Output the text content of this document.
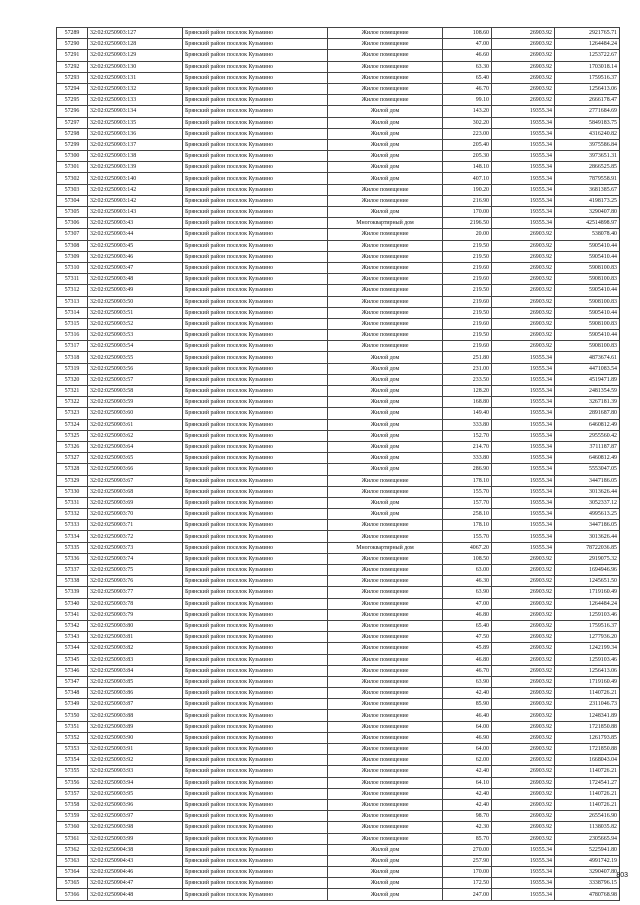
57289	32:02:0250903:127	Брянский район поселок Кузьмино	Жилое помещение	108.60	26903.92	2921765.71
57290	32:02:0250903:128	Брянский район поселок Кузьмино	Жилое помещение	47.00	26903.92	1264484.24
57291	32:02:0250903:129	Брянский район поселок Кузьмино	Жилое помещение	46.60	26903.92	1253722.67
57292	32:02:0250903:130	Брянский район поселок Кузьмино	Жилое помещение	63.30	26903.92	1703018.14
57293	32:02:0250903:131	Брянский район поселок Кузьмино	Жилое помещение	65.40	26903.92	1759516.37
57294	32:02:0250903:132	Брянский район поселок Кузьмино	Жилое помещение	46.70	26903.92	1256413.06
57295	32:02:0250903:133	Брянский район поселок Кузьмино	Жилое помещение	99.10	26903.92	2666178.47
57296	32:02:0250903:134	Брянский район поселок Кузьмино	Жилой дом	143.20	19355.34	2771684.69
57297	32:02:0250903:135	Брянский район поселок Кузьмино	Жилой дом	302.20	19355.34	5849183.75
57298	32:02:0250903:136	Брянский район поселок Кузьмино	Жилой дом	223.00	19355.34	4316240.82
57299	32:02:0250903:137	Брянский район поселок Кузьмино	Жилой дом	205.40	19355.34	3975586.84
57300	32:02:0250903:138	Брянский район поселок Кузьмино	Жилой дом	205.30	19355.34	3973651.31
57301	32:02:0250903:139	Брянский район поселок Кузьмино	Жилой дом	148.10	19355.34	2866525.85
57302	32:02:0250903:140	Брянский район поселок Кузьмино	Жилой дом	407.10	19355.34	7879558.91
57303	32:02:0250903:142	Брянский район поселок Кузьмино	Жилое помещение	190.20	19355.34	3681385.67
57304	32:02:0250903:142	Брянский район поселок Кузьмино	Жилое помещение	216.90	19355.34	4198173.25
57305	32:02:0250903:143	Брянский район поселок Кузьмино	Жилой дом	170.00	19355.34	3290407.80
57306	32:02:0250903:43	Брянский район поселок Кузьмино	Многоквартирный дом	2196.50	19355.34	42514898.97
57307	32:02:0250903:44	Брянский район поселок Кузьмино	Жилое помещение	20.00	26903.92	538078.40
57308	32:02:0250903:45	Брянский район поселок Кузьмино	Жилое помещение	219.50	26903.92	5905410.44
57309	32:02:0250903:46	Брянский район поселок Кузьмино	Жилое помещение	219.50	26903.92	5905410.44
57310	32:02:0250903:47	Брянский район поселок Кузьмино	Жилое помещение	219.60	26903.92	5908100.83
57311	32:02:0250903:48	Брянский район поселок Кузьмино	Жилое помещение	219.60	26903.92	5908100.83
57312	32:02:0250903:49	Брянский район поселок Кузьмино	Жилое помещение	219.50	26903.92	5905410.44
57313	32:02:0250903:50	Брянский район поселок Кузьмино	Жилое помещение	219.60	26903.92	5908100.83
57314	32:02:0250903:51	Брянский район поселок Кузьмино	Жилое помещение	219.50	26903.92	5905410.44
57315	32:02:0250903:52	Брянский район поселок Кузьмино	Жилое помещение	219.60	26903.92	5908100.83
57316	32:02:0250903:53	Брянский район поселок Кузьмино	Жилое помещение	219.50	26903.92	5905410.44
57317	32:02:0250903:54	Брянский район поселок Кузьмино	Жилое помещение	219.60	26903.92	5908100.83
57318	32:02:0250903:55	Брянский район поселок Кузьмино	Жилой дом	251.80	19355.34	4873674.61
57319	32:02:0250903:56	Брянский район поселок Кузьмино	Жилой дом	231.00	19355.34	4471083.54
57320	32:02:0250903:57	Брянский район поселок Кузьмино	Жилой дом	233.50	19355.34	4519471.89
57321	32:02:0250903:58	Брянский район поселок Кузьмино	Жилой дом	128.20	19355.34	2481354.59
57322	32:02:0250903:59	Брянский район поселок Кузьмино	Жилой дом	168.80	19355.34	3267181.39
57323	32:02:0250903:60	Брянский район поселок Кузьмино	Жилой дом	149.40	19355.34	2891687.80
57324	32:02:0250903:61	Брянский район поселок Кузьмино	Жилой дом	333.80	19355.34	6460812.49
57325	32:02:0250903:62	Брянский район поселок Кузьмино	Жилой дом	152.70	19355.34	2955560.42
57326	32:02:0250903:64	Брянский район поселок Кузьмино	Жилой дом	214.70	19355.34	3711187.87
57327	32:02:0250903:65	Брянский район поселок Кузьмино	Жилой дом	333.80	19355.34	6460812.49
57328	32:02:0250903:66	Брянский район поселок Кузьмино	Жилой дом	286.90	19355.34	5553047.05
57329	32:02:0250903:67	Брянский район поселок Кузьмино	Жилое помещение	178.10	19355.34	3447186.05
57330	32:02:0250903:68	Брянский район поселок Кузьмино	Жилое помещение	155.70	19355.34	3013626.44
57331	32:02:0250903:69	Брянский район поселок Кузьмино	Жилой дом	157.70	19355.34	3052337.12
57332	32:02:0250903:70	Брянский район поселок Кузьмино	Жилой дом	258.10	19355.34	4995613.25
57333	32:02:0250903:71	Брянский район поселок Кузьмино	Жилое помещение	178.10	19355.34	3447186.05
57334	32:02:0250903:72	Брянский район поселок Кузьмино	Жилое помещение	155.70	19355.34	3013626.44
57335	32:02:0250903:73	Брянский район поселок Кузьмино	Многоквартирный дом	4067.20	19355.34	78722036.85
57336	32:02:0250903:74	Брянский район поселок Кузьмино	Жилое помещение	108.50	26903.92	2919075.32
57337	32:02:0250903:75	Брянский район поселок Кузьмино	Жилое помещение	63.00	26903.92	1694946.96
57338	32:02:0250903:76	Брянский район поселок Кузьмино	Жилое помещение	46.30	26903.92	1245651.50
57339	32:02:0250903:77	Брянский район поселок Кузьмино	Жилое помещение	63.90	26903.92	1719160.49
57340	32:02:0250903:78	Брянский район поселок Кузьмино	Жилое помещение	47.00	26903.92	1264484.24
57341	32:02:0250903:79	Брянский район поселок Кузьмино	Жилое помещение	46.80	26903.92	1259103.46
57342	32:02:0250903:80	Брянский район поселок Кузьмино	Жилое помещение	65.40	26903.92	1759516.37
57343	32:02:0250903:81	Брянский район поселок Кузьмино	Жилое помещение	47.50	26903.92	1277936.20
57344	32:02:0250903:82	Брянский район поселок Кузьмино	Жилое помещение	45.89	26903.92	1242199.34
57345	32:02:0250903:83	Брянский район поселок Кузьмино	Жилое помещение	46.80	26903.92	1259103.46
57346	32:02:0250903:84	Брянский район поселок Кузьмино	Жилое помещение	46.70	26903.92	1256413.06
57347	32:02:0250903:85	Брянский район поселок Кузьмино	Жилое помещение	63.90	26903.92	1719160.49
57348	32:02:0250903:86	Брянский район поселок Кузьмино	Жилое помещение	42.40	26903.92	1140726.21
57349	32:02:0250903:87	Брянский район поселок Кузьмино	Жилое помещение	85.90	26903.92	2311046.73
57350	32:02:0250903:88	Брянский район поселок Кузьмино	Жилое помещение	46.40	26903.92	1248341.89
57351	32:02:0250903:89	Брянский район поселок Кузьмино	Жилое помещение	64.00	26903.92	1721850.88
57352	32:02:0250903:90	Брянский район поселок Кузьмино	Жилое помещение	46.90	26903.92	1261793.85
57353	32:02:0250903:91	Брянский район поселок Кузьмино	Жилое помещение	64.00	26903.92	1721850.88
57354	32:02:0250903:92	Брянский район поселок Кузьмино	Жилое помещение	62.00	26903.92	1668043.04
57355	32:02:0250903:93	Брянский район поселок Кузьмино	Жилое помещение	42.40	26903.92	1140726.21
57356	32:02:0250903:94	Брянский район поселок Кузьмино	Жилое помещение	64.10	26903.92	1724541.27
57357	32:02:0250903:95	Брянский район поселок Кузьмино	Жилое помещение	42.40	26903.92	1140726.21
57358	32:02:0250903:96	Брянский район поселок Кузьмино	Жилое помещение	42.40	26903.92	1140726.21
57359	32:02:0250903:97	Брянский район поселок Кузьмино	Жилое помещение	98.70	26903.92	2655416.90
57360	32:02:0250903:98	Брянский район поселок Кузьмино	Жилое помещение	42.30	26903.92	1138035.82
57361	32:02:0250903:99	Брянский район поселок Кузьмино	Жилое помещение	85.70	26903.92	2305665.94
57362	32:02:0250904:38	Брянский район поселок Кузьмино	Жилой дом	270.00	19355.34	5225941.80
57363	32:02:0250904:43	Брянский район поселок Кузьмино	Жилой дом	257.90	19355.34	4991742.19
57364	32:02:0250904:46	Брянский район поселок Кузьмино	Жилой дом	170.00	19355.34	3290407.80
57365	32:02:0250904:47	Брянский район поселок Кузьмино	Жилой дом	172.50	19355.34	3338796.15
57366	32:02:0250904:48	Брянский район поселок Кузьмино	Жилой дом	247.00	19355.34	4780768.98
803
